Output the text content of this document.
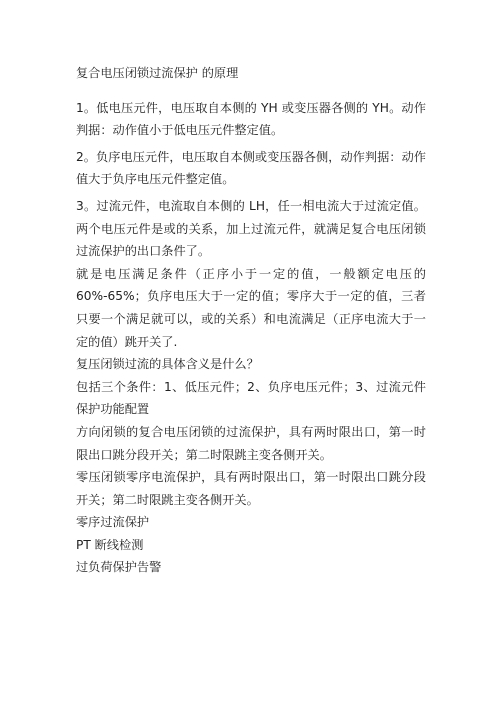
复合电压闭锁过流保护 的原理

1。低电压元件，电压取自本侧的 YH 或变压器各侧的 YH。动作判据：动作值小于低电压元件整定值。

2。负序电压元件，电压取自本侧或变压器各侧，动作判据：动作值大于负序电压元件整定值。

3。过流元件，电流取自本侧的 LH，任一相电流大于过流定值。两个电压元件是或的关系，加上过流元件，就满足复合电压闭锁过流保护的出口条件了。

就是电压满足条件（正序小于一定的值，一般额定电压的60%-65%；负序电压大于一定的值；零序大于一定的值，三者只要一个满足就可以，或的关系）和电流满足（正序电流大于一定的值）跳开关了.

复压闭锁过流的具体含义是什么？

包括三个条件：1、低压元件；2、负序电压元件；3、过流元件保护功能配置

方向闭锁的复合电压闭锁的过流保护，具有两时限出口，第一时限出口跳分段开关；第二时限跳主变各侧开关。

零压闭锁零序电流保护，具有两时限出口，第一时限出口跳分段开关；第二时限跳主变各侧开关。

零序过流保护

PT 断线检测

过负荷保护告警
